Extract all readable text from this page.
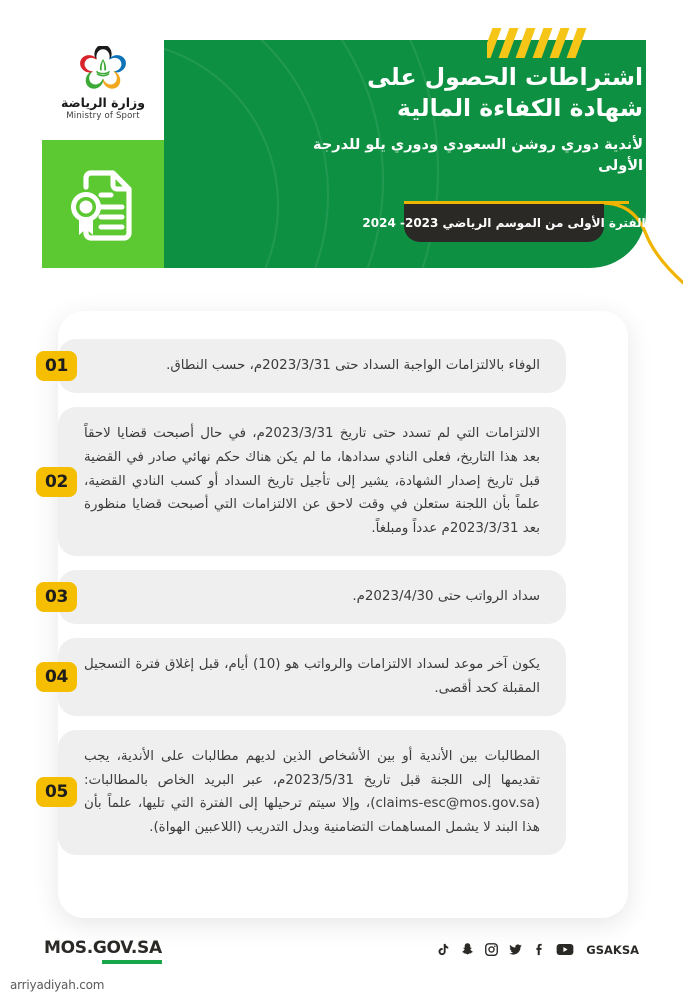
اشتراطات الحصول على شهادة الكفاءة المالية
لأندية دوري روشن السعودي ودوري يلو للدرجة الأولى
الفترة الأولى من الموسم الرياضي 2023- 2024
وزارة الرياضة
Ministry of Sport
الوفاء بالالتزامات الواجبة السداد حتى 2023/3/31م، حسب النطاق.
01
الالتزامات التي لم تسدد حتى تاريخ 2023/3/31م، في حال أصبحت قضايا لاحقاً بعد هذا التاريخ، فعلى النادي سدادها، ما لم يكن هناك حكم نهائي صادر في القضية قبل تاريخ إصدار الشهادة، يشير إلى تأجيل تاريخ السداد أو كسب النادي القضية، علماً بأن اللجنة ستعلن في وقت لاحق عن الالتزامات التي أصبحت قضايا منظورة بعد 2023/3/31م عدداً ومبلغاً.
02
سداد الرواتب حتى 2023/4/30م.
03
يكون آخر موعد لسداد الالتزامات والرواتب هو (10) أيام، قبل إغلاق فترة التسجيل المقبلة كحد أقصى.
04
المطالبات بين الأندية أو بين الأشخاص الذين لديهم مطالبات على الأندية، يجب تقديمها إلى اللجنة قبل تاريخ 2023/5/31م، عبر البريد الخاص بالمطالبات: (claims-esc@mos.gov.sa)، وإلا سيتم ترحيلها إلى الفترة التي تليها، علماً بأن هذا البند لا يشمل المساهمات التضامنية وبدل التدريب (اللاعبين الهواة).
05
MOS.GOV.SA	GSAKSA
arriyadiyah.com
